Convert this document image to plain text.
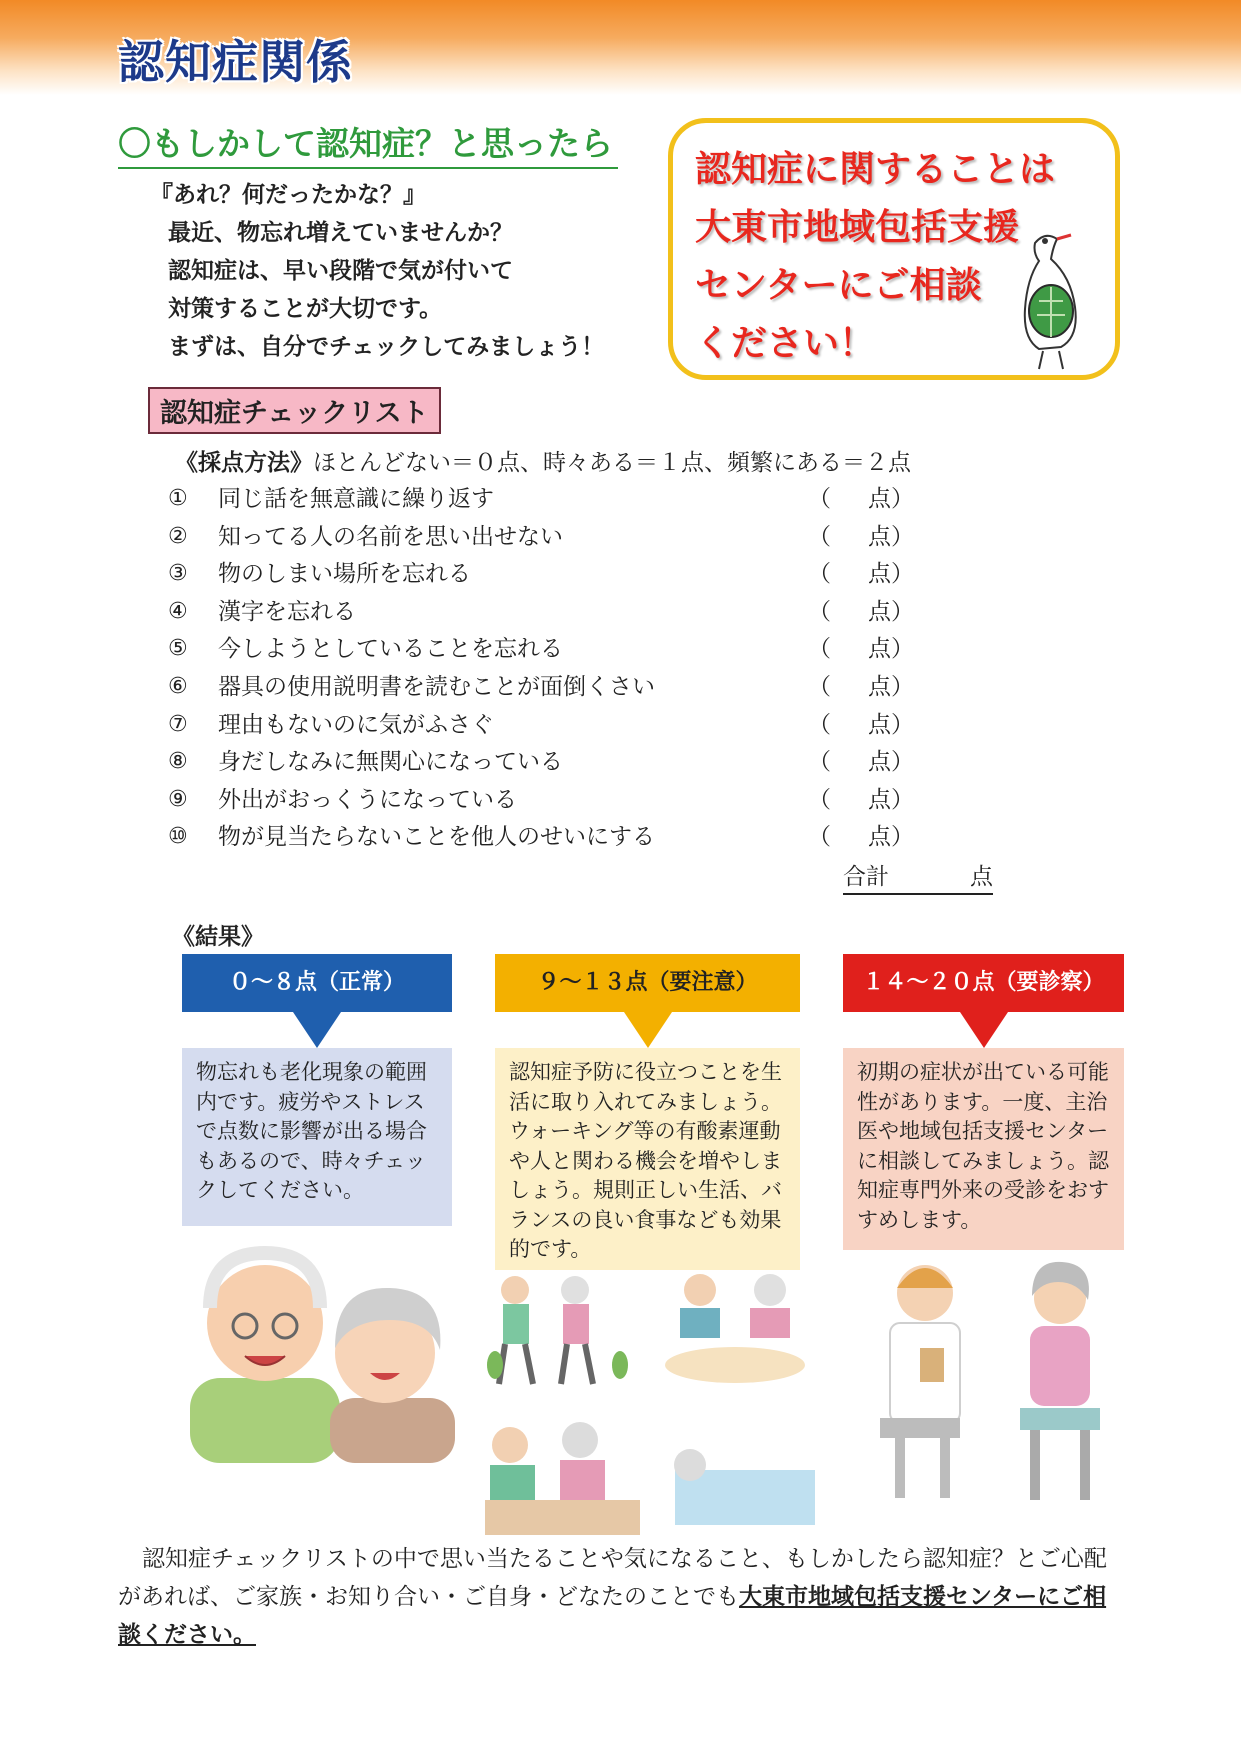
認知症関係
〇もしかして認知症？と思ったら
『あれ？何だったかな？』
最近、物忘れ増えていませんか？
認知症は、早い段階で気が付いて
対策することが大切です。
まずは、自分でチェックしてみましょう！
認知症に関することは
大東市地域包括支援
センターにご相談
ください！
認知症チェックリスト
《採点方法》ほとんどない＝０点、時々ある＝１点、頻繁にある＝２点
①	同じ話を無意識に繰り返す	（ 点）
②	知ってる人の名前を思い出せない	（ 点）
③	物のしまい場所を忘れる	（ 点）
④	漢字を忘れる	（ 点）
⑤	今しようとしていることを忘れる	（ 点）
⑥	器具の使用説明書を読むことが面倒くさい	（ 点）
⑦	理由もないのに気がふさぐ	（ 点）
⑧	身だしなみに無関心になっている	（ 点）
⑨	外出がおっくうになっている	（ 点）
⑩	物が見当たらないことを他人のせいにする	（ 点）
合計	点
《結果》
０～８点（正常）
物忘れも老化現象の範囲内です。疲労やストレスで点数に影響が出る場合もあるので、時々チェックしてください。
９～１３点（要注意）
認知症予防に役立つことを生活に取り入れてみましょう。ウォーキング等の有酸素運動や人と関わる機会を増やしましょう。規則正しい生活、バランスの良い食事なども効果的です。
１４～２０点（要診察）
初期の症状が出ている可能性があります。一度、主治医や地域包括支援センターに相談してみましょう。認知症専門外来の受診をおすすめします。
認知症チェックリストの中で思い当たることや気になること、もしかしたら認知症？とご心配があれば、ご家族・お知り合い・ご自身・どなたのことでも大東市地域包括支援センターにご相談ください。
